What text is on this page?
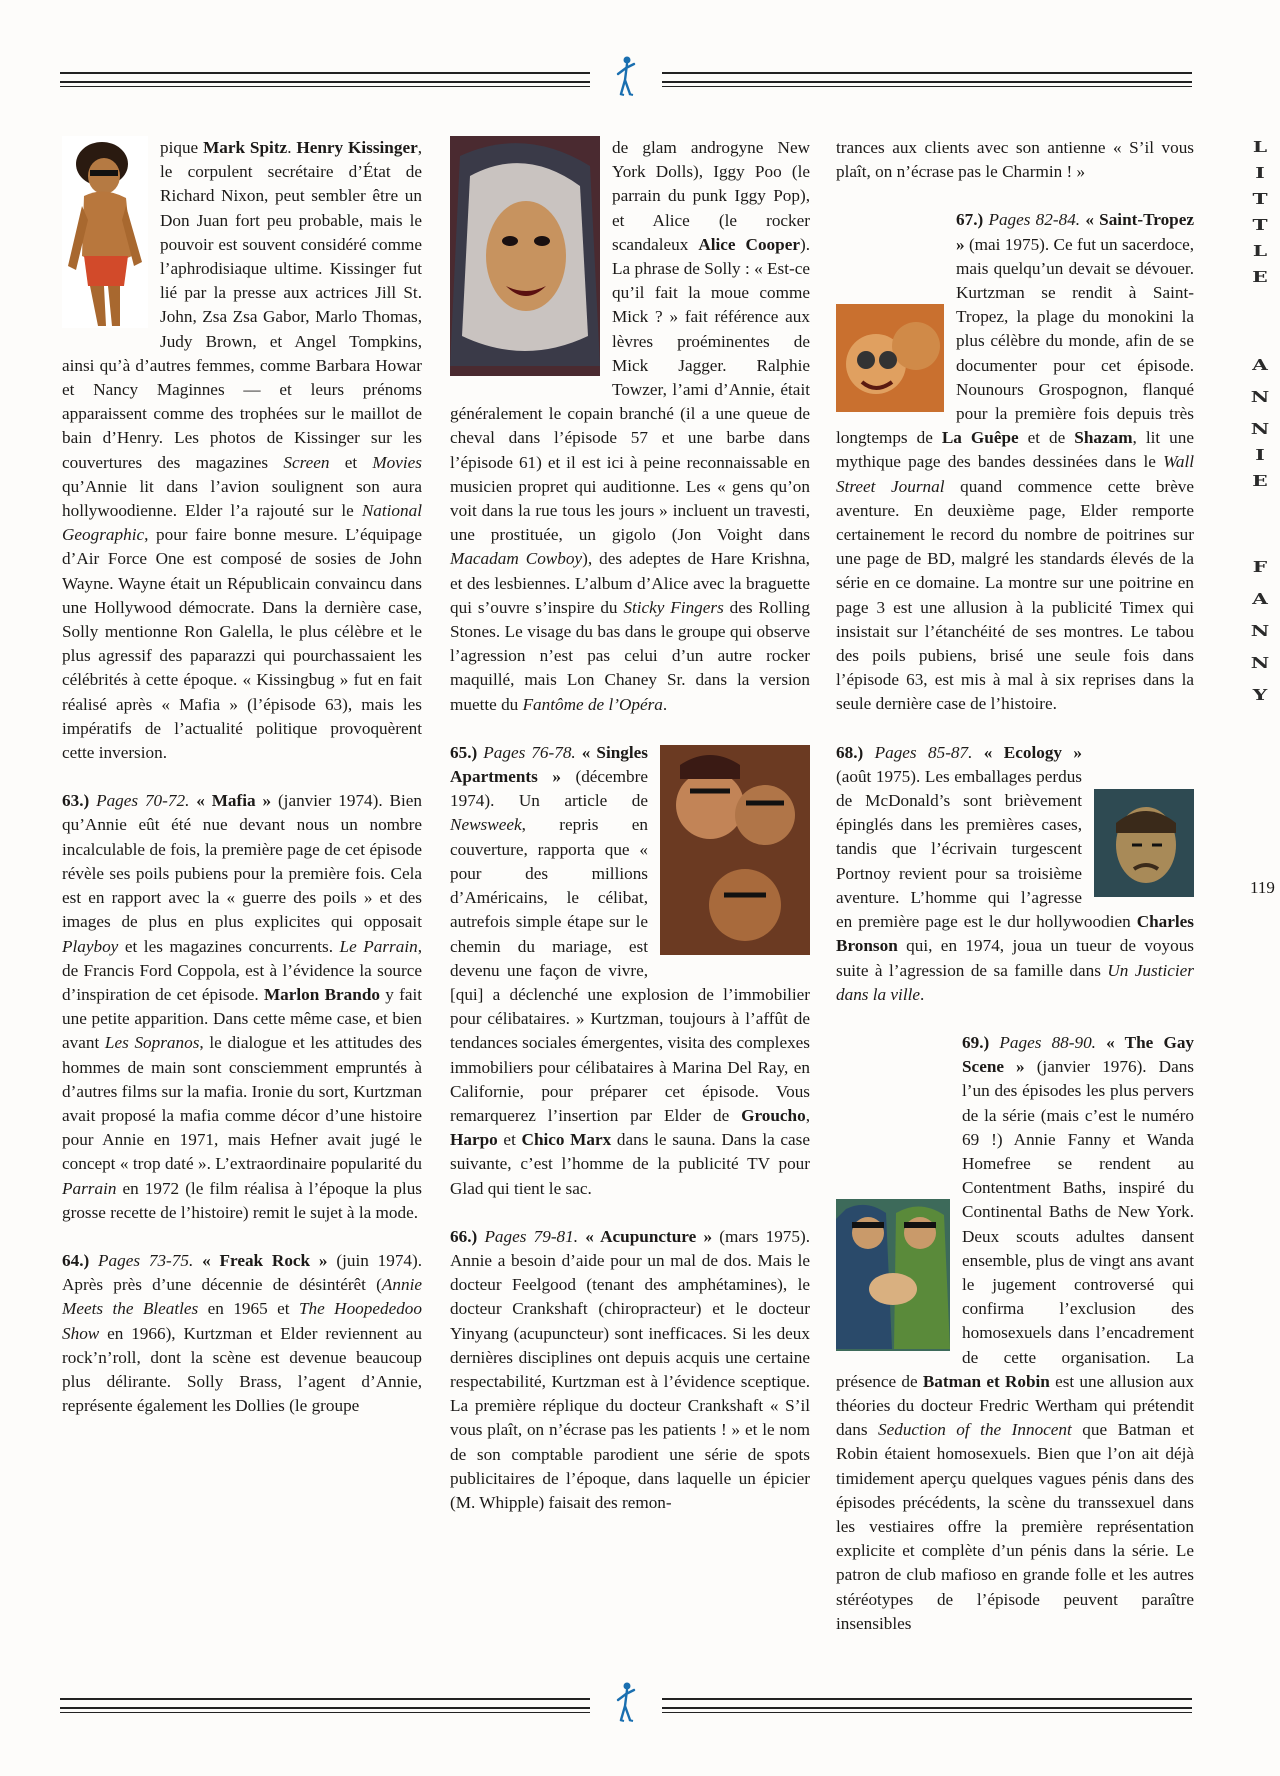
pique Mark Spitz. Henry Kissinger, le corpulent secrétaire d’État de Richard Nixon, peut sembler être un Don Juan fort peu probable, mais le pouvoir est souvent considéré comme l’aphrodisiaque ultime. Kissinger fut lié par la presse aux actrices Jill St. John, Zsa Zsa Gabor, Marlo Thomas, Judy Brown, et Angel Tompkins, ainsi qu’à d’autres femmes, comme Barbara Howar et Nancy Maginnes — et leurs prénoms apparaissent comme des trophées sur le maillot de bain d’Henry. Les photos de Kissinger sur les couvertures des magazines Screen et Movies qu’Annie lit dans l’avion soulignent son aura hollywoodienne. Elder l’a rajouté sur le National Geographic, pour faire bonne mesure. L’équipage d’Air Force One est composé de sosies de John Wayne. Wayne était un Républicain convaincu dans une Hollywood démocrate. Dans la dernière case, Solly mentionne Ron Galella, le plus célèbre et le plus agressif des paparazzi qui pourchassaient les célébrités à cette époque. « Kissingbug » fut en fait réalisé après « Mafia » (l’épisode 63), mais les impératifs de l’actualité politique provoquèrent cette inversion.

63.) Pages 70-72. « Mafia » (janvier 1974). Bien qu’Annie eût été nue devant nous un nombre incalculable de fois, la première page de cet épisode révèle ses poils pubiens pour la première fois. Cela est en rapport avec la « guerre des poils » et des images de plus en plus explicites qui opposait Playboy et les magazines concurrents. Le Parrain, de Francis Ford Coppola, est à l’évidence la source d’inspiration de cet épisode. Marlon Brando y fait une petite apparition. Dans cette même case, et bien avant Les Sopranos, le dialogue et les attitudes des hommes de main sont consciemment empruntés à d’autres films sur la mafia. Ironie du sort, Kurtzman avait proposé la mafia comme décor d’une histoire pour Annie en 1971, mais Hefner avait jugé le concept « trop daté ». L’extraordinaire popularité du Parrain en 1972 (le film réalisa à l’époque la plus grosse recette de l’histoire) remit le sujet à la mode.

64.) Pages 73-75. « Freak Rock » (juin 1974). Après près d’une décennie de désintérêt (Annie Meets the Bleatles en 1965 et The Hoopededoo Show en 1966), Kurtzman et Elder reviennent au rock’n’roll, dont la scène est devenue beaucoup plus délirante. Solly Brass, l’agent d’Annie, représente également les Dollies (le groupe

de glam androgyne New York Dolls), Iggy Poo (le parrain du punk Iggy Pop), et Alice (le rocker scandaleux Alice Cooper). La phrase de Solly : « Est-ce qu’il fait la moue comme Mick ? » fait référence aux lèvres proéminentes de Mick Jagger. Ralphie Towzer, l’ami d’Annie, était généralement le copain branché (il a une queue de cheval dans l’épisode 57 et une barbe dans l’épisode 61) et il est ici à peine reconnaissable en musicien propret qui auditionne. Les « gens qu’on voit dans la rue tous les jours » incluent un travesti, une prostituée, un gigolo (Jon Voight dans Macadam Cowboy), des adeptes de Hare Krishna, et des lesbiennes. L’album d’Alice avec la braguette qui s’ouvre s’inspire du Sticky Fingers des Rolling Stones. Le visage du bas dans le groupe qui observe l’agression n’est pas celui d’un autre rocker maquillé, mais Lon Chaney Sr. dans la version muette du Fantôme de l’Opéra.

65.) Pages 76-78. « Singles Apartments » (décembre 1974). Un article de Newsweek, repris en couverture, rapporta que « pour des millions d’Américains, le célibat, autrefois simple étape sur le chemin du mariage, est devenu une façon de vivre, [qui] a déclenché une explosion de l’immobilier pour célibataires. » Kurtzman, toujours à l’affût de tendances sociales émergentes, visita des complexes immobiliers pour célibataires à Marina Del Ray, en Californie, pour préparer cet épisode. Vous remarquerez l’insertion par Elder de Groucho, Harpo et Chico Marx dans le sauna. Dans la case suivante, c’est l’homme de la publicité TV pour Glad qui tient le sac.

66.) Pages 79-81. « Acupuncture » (mars 1975). Annie a besoin d’aide pour un mal de dos. Mais le docteur Feelgood (tenant des amphétamines), le docteur Crankshaft (chiropracteur) et le docteur Yinyang (acupuncteur) sont inefficaces. Si les deux dernières disciplines ont depuis acquis une certaine respectabilité, Kurtzman est à l’évidence sceptique. La première réplique du docteur Crankshaft « S’il vous plaît, on n’écrase pas les patients ! » et le nom de son comptable parodient une série de spots publicitaires de l’époque, dans laquelle un épicier (M. Whipple) faisait des remon-

trances aux clients avec son antienne « S’il vous plaît, on n’écrase pas le Charmin ! »

67.) Pages 82-84. « Saint-Tropez » (mai 1975). Ce fut un sacerdoce, mais quelqu’un devait se dévouer. Kurtzman se rendit à Saint-Tropez, la plage du monokini la plus célèbre du monde, afin de se documenter pour cet épisode. Nounours Grospognon, flanqué pour la première fois depuis très longtemps de La Guêpe et de Shazam, lit une mythique page des bandes dessinées dans le Wall Street Journal quand commence cette brève aventure. En deuxième page, Elder remporte certainement le record du nombre de poitrines sur une page de BD, malgré les standards élevés de la série en ce domaine. La montre sur une poitrine en page 3 est une allusion à la publicité Timex qui insistait sur l’étanchéité de ses montres. Le tabou des poils pubiens, brisé une seule fois dans l’épisode 63, est mis à mal à six reprises dans la seule dernière case de l’histoire.

68.) Pages 85-87. « Ecology » (août 1975). Les emballages perdus de McDonald’s sont brièvement épinglés dans les premières cases, tandis que l’écrivain turgescent Portnoy revient pour sa troisième aventure. L’homme qui l’agresse en première page est le dur hollywoodien Charles Bronson qui, en 1974, joua un tueur de voyous suite à l’agression de sa famille dans Un Justicier dans la ville.

69.) Pages 88-90. « The Gay Scene » (janvier 1976). Dans l’un des épisodes les plus pervers de la série (mais c’est le numéro 69 !) Annie Fanny et Wanda Homefree se rendent au Contentment Baths, inspiré du Continental Baths de New York. Deux scouts adultes dansent ensemble, plus de vingt ans avant le jugement controversé qui confirma l’exclusion des homosexuels dans l’encadrement de cette organisation. La présence de Batman et Robin est une allusion aux théories du docteur Fredric Wertham qui prétendit dans Seduction of the Innocent que Batman et Robin étaient homosexuels. Bien que l’on ait déjà timidement aperçu quelques vagues pénis dans des épisodes précédents, la scène du transsexuel dans les vestiaires offre la première représentation explicite et complète d’un pénis dans la série. Le patron de club mafioso en grande folle et les autres stéréotypes de l’épisode peuvent paraître insensibles

L
I
T
T
L
E
A
N
N
I
E
F
A
N
N
Y
119
